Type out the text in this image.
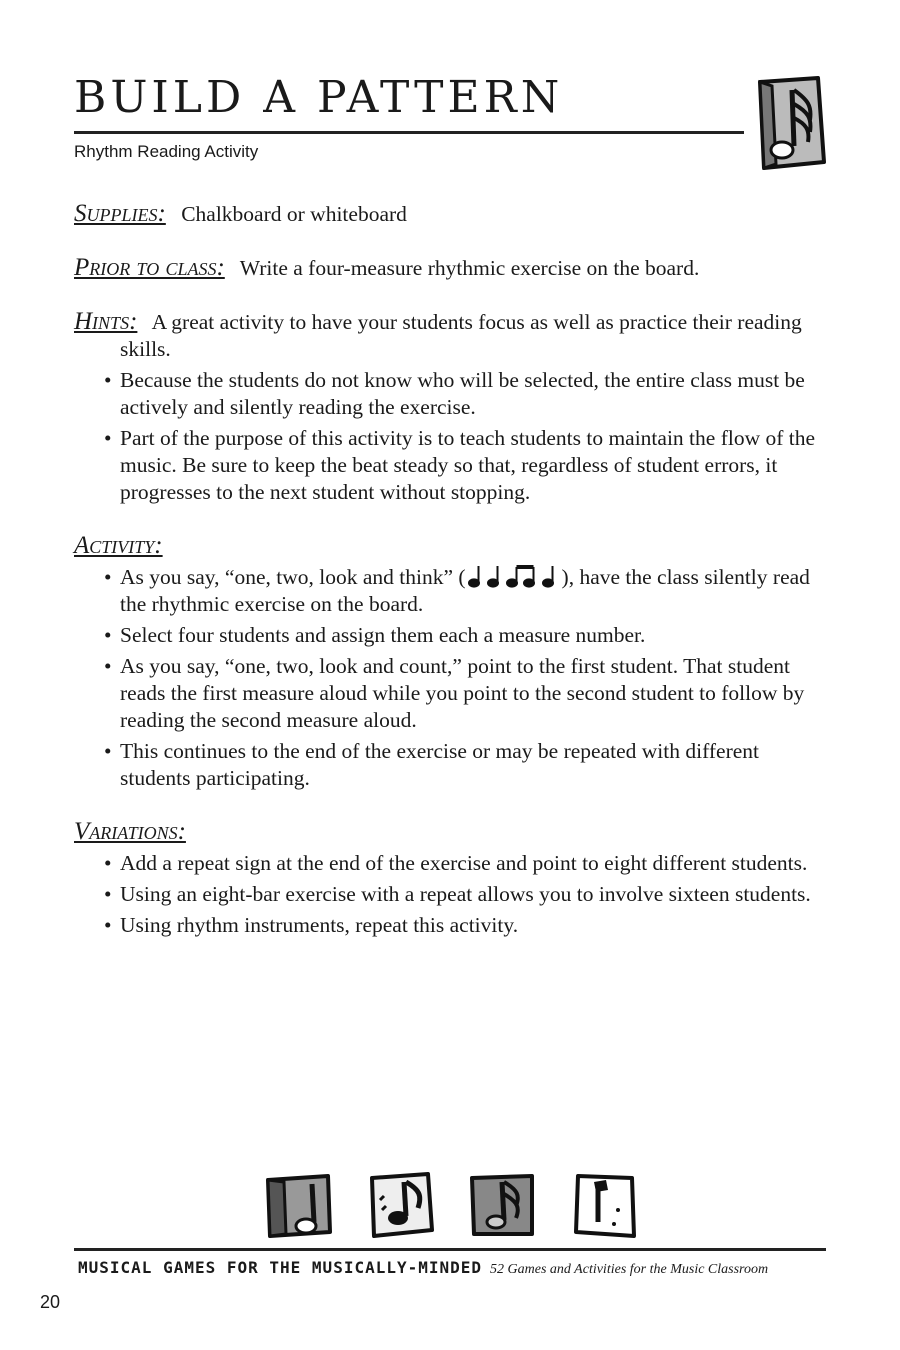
BUILD A PATTERN
Rhythm Reading Activity
Supplies: Chalkboard or whiteboard
Prior to class: Write a four-measure rhythmic exercise on the board.
Hints: A great activity to have your students focus as well as practice their reading skills.
• Because the students do not know who will be selected, the entire class must be actively and silently reading the exercise.
• Part of the purpose of this activity is to teach students to maintain the flow of the music. Be sure to keep the beat steady so that, regardless of student errors, it progresses to the next student without stopping.
Activity:
• As you say, “one, two, look and think” (	), have the class silently read the rhythmic exercise on the board.
• Select four students and assign them each a measure number.
• As you say, “one, two, look and count,” point to the first student. That student reads the first measure aloud while you point to the second student to follow by reading the second measure aloud.
• This continues to the end of the exercise or may be repeated with different students participating.
Variations:
• Add a repeat sign at the end of the exercise and point to eight different students.
• Using an eight-bar exercise with a repeat allows you to involve sixteen students.
• Using rhythm instruments, repeat this activity.
MUSICAL GAMES FOR THE MUSICALLY-MINDED 52 Games and Activities for the Music Classroom
20
